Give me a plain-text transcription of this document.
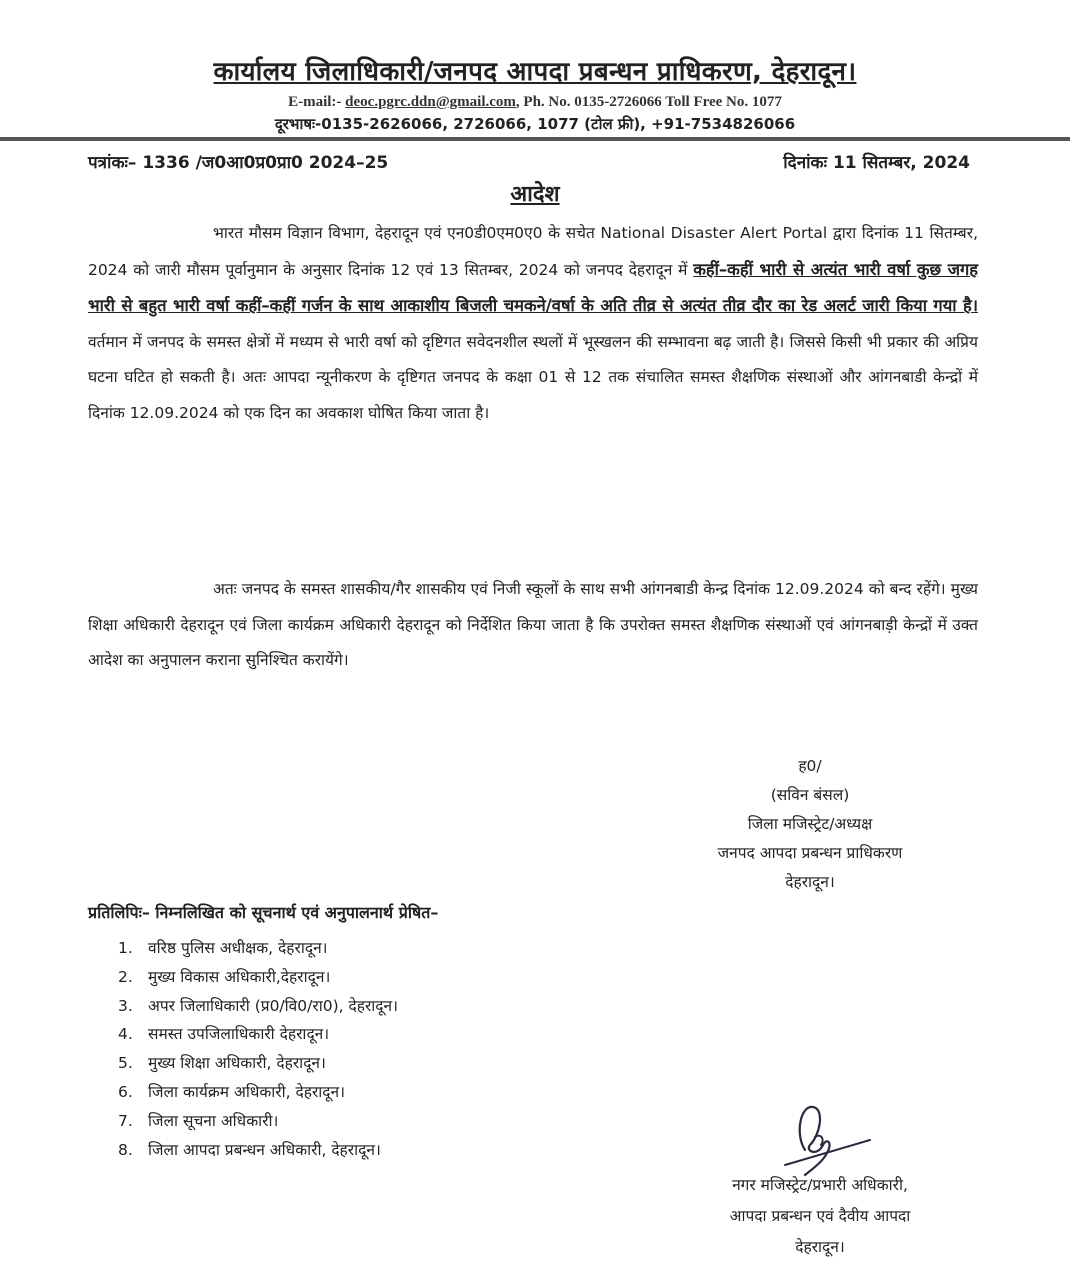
कार्यालय जिलाधिकारी/जनपद आपदा प्रबन्धन प्राधिकरण, देहरादून।
E-mail:- deoc.pgrc.ddn@gmail.com, Ph. No. 0135-2726066 Toll Free No. 1077
दूरभाषः-0135-2626066, 2726066, 1077 (टोल फ्री), +91-7534826066
पत्रांकः– 1336 /ज0आ0प्र0प्रा0 2024–25	दिनांकः 11 सितम्बर, 2024
आदेश
भारत मौसम विज्ञान विभाग, देहरादून एवं एन0डी0एम0ए0 के सचेत National Disaster Alert Portal द्वारा दिनांक 11 सितम्बर, 2024 को जारी मौसम पूर्वानुमान के अनुसार दिनांक 12 एवं 13 सितम्बर, 2024 को जनपद देहरादून में कहीं–कहीं भारी से अत्यंत भारी वर्षा कुछ जगह भारी से बहुत भारी वर्षा कहीं–कहीं गर्जन के साथ आकाशीय बिजली चमकने/वर्षा के अति तीव्र से अत्यंत तीव्र दौर का रेड अलर्ट जारी किया गया है। वर्तमान में जनपद के समस्त क्षेत्रों में मध्यम से भारी वर्षा को दृष्टिगत सवेदनशील स्थलों में भूस्खलन की सम्भावना बढ़ जाती है। जिससे किसी भी प्रकार की अप्रिय घटना घटित हो सकती है। अतः आपदा न्यूनीकरण के दृष्टिगत जनपद के कक्षा 01 से 12 तक संचालित समस्त शैक्षणिक संस्थाओं और आंगनबाडी केन्द्रों में दिनांक 12.09.2024 को एक दिन का अवकाश घोषित किया जाता है।
अतः जनपद के समस्त शासकीय/गैर शासकीय एवं निजी स्कूलों के साथ सभी आंगनबाडी केन्द्र दिनांक 12.09.2024 को बन्द रहेंगे। मुख्य शिक्षा अधिकारी देहरादून एवं जिला कार्यक्रम अधिकारी देहरादून को निर्देशित किया जाता है कि उपरोक्त समस्त शैक्षणिक संस्थाओं एवं आंगनबाड़ी केन्द्रों में उक्त आदेश का अनुपालन कराना सुनिश्चित करायेंगे।
ह0/
(सविन बंसल)
जिला मजिस्ट्रेट/अध्यक्ष
जनपद आपदा प्रबन्धन प्राधिकरण
देहरादून।
प्रतिलिपिः– निम्नलिखित को सूचनार्थ एवं अनुपालनार्थ प्रेषित–
1. वरिष्ठ पुलिस अधीक्षक, देहरादून।
2. मुख्य विकास अधिकारी,देहरादून।
3. अपर जिलाधिकारी (प्र0/वि0/रा0), देहरादून।
4. समस्त उपजिलाधिकारी देहरादून।
5. मुख्य शिक्षा अधिकारी, देहरादून।
6. जिला कार्यक्रम अधिकारी, देहरादून।
7. जिला सूचना अधिकारी।
8. जिला आपदा प्रबन्धन अधिकारी, देहरादून।
नगर मजिस्ट्रेट/प्रभारी अधिकारी,
आपदा प्रबन्धन एवं दैवीय आपदा
देहरादून।
